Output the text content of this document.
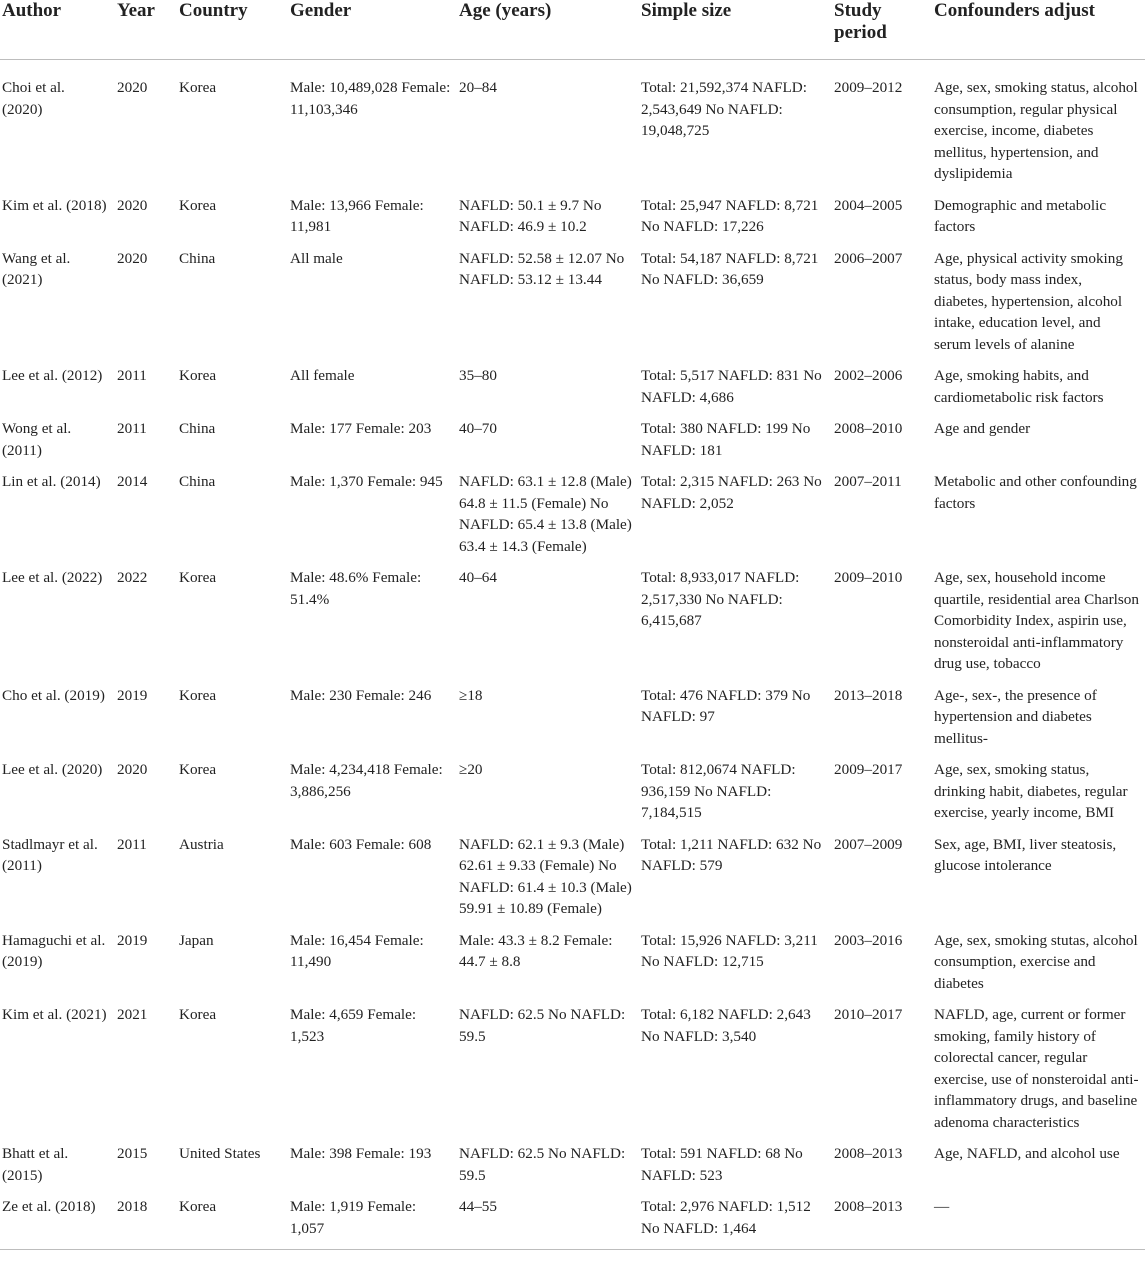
Author	Year	Country	Gender	Age (years)	Simple size	Study period	Confounders adjust

Choi et al. (2020)	2020	Korea	Male: 10,489,028 Female: 11,103,346	20–84	Total: 21,592,374 NAFLD: 2,543,649 No NAFLD: 19,048,725	2009–2012	Age, sex, smoking status, alcohol consumption, regular physical exercise, income, diabetes mellitus, hypertension, and dyslipidemia

Kim et al. (2018)	2020	Korea	Male: 13,966 Female: 11,981	NAFLD: 50.1 ± 9.7 No NAFLD: 46.9 ± 10.2	Total: 25,947 NAFLD: 8,721 No NAFLD: 17,226	2004–2005	Demographic and metabolic factors

Wang et al. (2021)	2020	China	All male	NAFLD: 52.58 ± 12.07 No NAFLD: 53.12 ± 13.44	Total: 54,187 NAFLD: 8,721 No NAFLD: 36,659	2006–2007	Age, physical activity smoking status, body mass index, diabetes, hypertension, alcohol intake, education level, and serum levels of alanine

Lee et al. (2012)	2011	Korea	All female	35–80	Total: 5,517 NAFLD: 831 No NAFLD: 4,686	2002–2006	Age, smoking habits, and cardiometabolic risk factors

Wong et al. (2011)	2011	China	Male: 177 Female: 203	40–70	Total: 380 NAFLD: 199 No NAFLD: 181	2008–2010	Age and gender

Lin et al. (2014)	2014	China	Male: 1,370 Female: 945	NAFLD: 63.1 ± 12.8 (Male) 64.8 ± 11.5 (Female) No NAFLD: 65.4 ± 13.8 (Male) 63.4 ± 14.3 (Female)	Total: 2,315 NAFLD: 263 No NAFLD: 2,052	2007–2011	Metabolic and other confounding factors

Lee et al. (2022)	2022	Korea	Male: 48.6% Female: 51.4%	40–64	Total: 8,933,017 NAFLD: 2,517,330 No NAFLD: 6,415,687	2009–2010	Age, sex, household income quartile, residential area Charlson Comorbidity Index, aspirin use, nonsteroidal anti-inflammatory drug use, tobacco

Cho et al. (2019)	2019	Korea	Male: 230 Female: 246	≥18	Total: 476 NAFLD: 379 No NAFLD: 97	2013–2018	Age-, sex-, the presence of hypertension and diabetes mellitus-

Lee et al. (2020)	2020	Korea	Male: 4,234,418 Female: 3,886,256	≥20	Total: 812,0674 NAFLD: 936,159 No NAFLD: 7,184,515	2009–2017	Age, sex, smoking status, drinking habit, diabetes, regular exercise, yearly income, BMI

Stadlmayr et al. (2011)	2011	Austria	Male: 603 Female: 608	NAFLD: 62.1 ± 9.3 (Male) 62.61 ± 9.33 (Female) No NAFLD: 61.4 ± 10.3 (Male) 59.91 ± 10.89 (Female)	Total: 1,211 NAFLD: 632 No NAFLD: 579	2007–2009	Sex, age, BMI, liver steatosis, glucose intolerance

Hamaguchi et al. (2019)	2019	Japan	Male: 16,454 Female: 11,490	Male: 43.3 ± 8.2 Female: 44.7 ± 8.8	Total: 15,926 NAFLD: 3,211 No NAFLD: 12,715	2003–2016	Age, sex, smoking stutas, alcohol consumption, exercise and diabetes

Kim et al. (2021)	2021	Korea	Male: 4,659 Female: 1,523	NAFLD: 62.5 No NAFLD: 59.5	Total: 6,182 NAFLD: 2,643 No NAFLD: 3,540	2010–2017	NAFLD, age, current or former smoking, family history of colorectal cancer, regular exercise, use of nonsteroidal anti-inflammatory drugs, and baseline adenoma characteristics

Bhatt et al. (2015)	2015	United States	Male: 398 Female: 193	NAFLD: 62.5 No NAFLD: 59.5	Total: 591 NAFLD: 68 No NAFLD: 523	2008–2013	Age, NAFLD, and alcohol use

Ze et al. (2018)	2018	Korea	Male: 1,919 Female: 1,057	44–55	Total: 2,976 NAFLD: 1,512 No NAFLD: 1,464	2008–2013	—
